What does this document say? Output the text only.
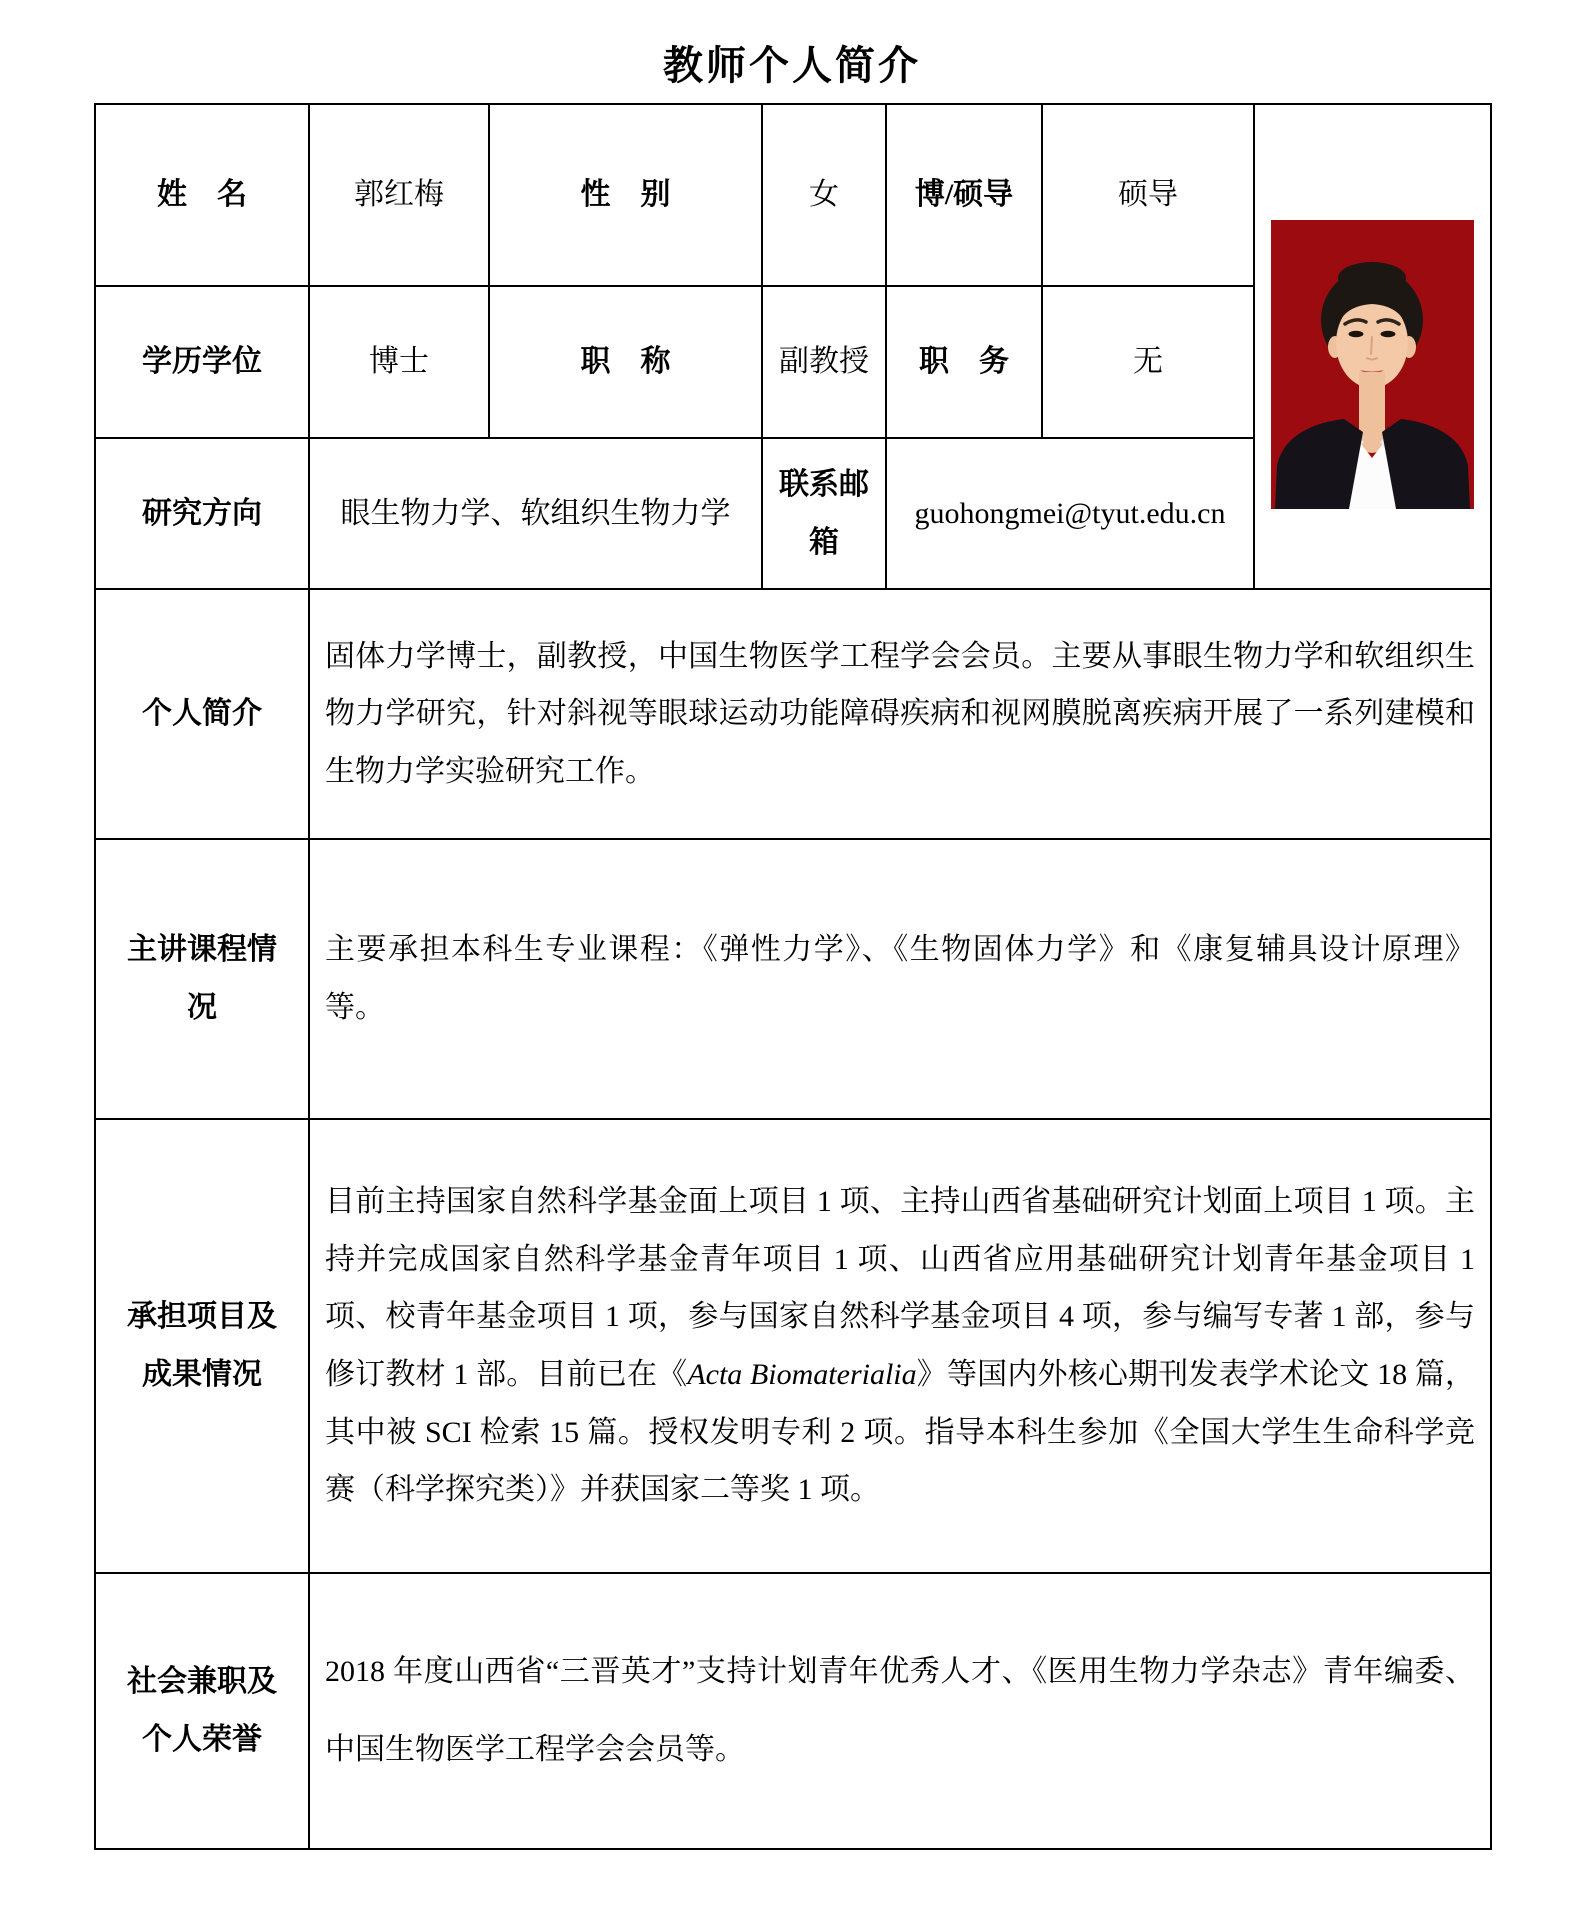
教师个人简介
姓　名	郭红梅	性　别	女	博/硕导	硕导	

学历学位	博士	职　称	副教授	职　务	无	
研究方向	眼生物力学、软组织生物力学		联系邮箱	guohongmei@tyut.edu.cn		
个人简介	固体力学博士，副教授，中国生物医学工程学会会员。主要从事眼生物力学和软组织生物力学研究，针对斜视等眼球运动功能障碍疾病和视网膜脱离疾病开展了一系列建模和生物力学实验研究工作。					
主讲课程情况	主要承担本科生专业课程：《弹性力学》、《生物固体力学》和《康复辅具设计原理》等。					
承担项目及成果情况	目前主持国家自然科学基金面上项目 1 项、主持山西省基础研究计划面上项目 1 项。主持并完成国家自然科学基金青年项目 1 项、山西省应用基础研究计划青年基金项目 1 项、校青年基金项目 1 项，参与国家自然科学基金项目 4 项，参与编写专著 1 部，参与修订教材 1 部。目前已在《Acta Biomaterialia》等国内外核心期刊发表学术论文 18 篇，其中被 SCI 检索 15 篇。授权发明专利 2 项。指导本科生参加《全国大学生生命科学竞赛（科学探究类）》并获国家二等奖 1 项。					
社会兼职及个人荣誉	2018 年度山西省“三晋英才”支持计划青年优秀人才、《医用生物力学杂志》青年编委、中国生物医学工程学会会员等。					
